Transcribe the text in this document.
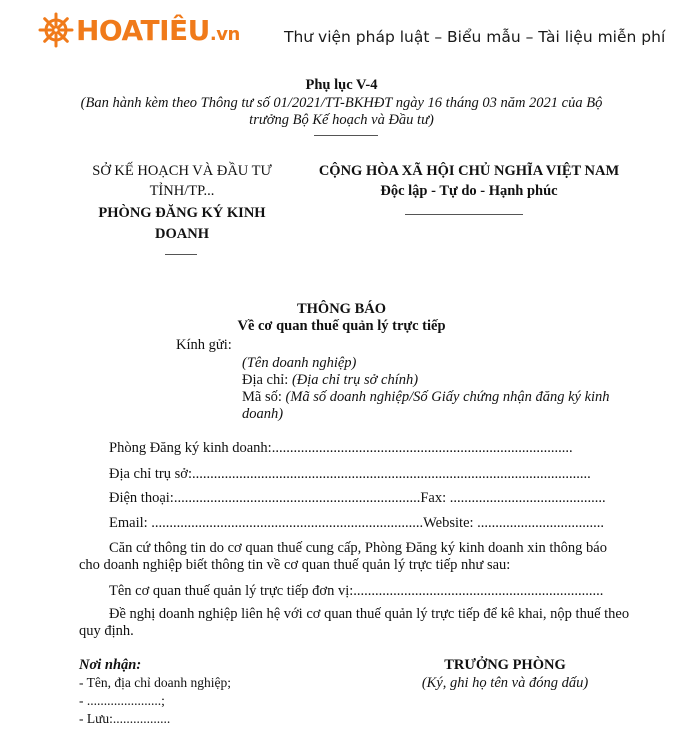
HOATIÊU.vn	Thư viện pháp luật – Biểu mẫu – Tài liệu miễn phí
Phụ lục V-4
(Ban hành kèm theo Thông tư số 01/2021/TT-BKHĐT ngày 16 tháng 03 năm 2021 của Bộ
trưởng Bộ Kế hoạch và Đầu tư)
SỞ KẾ HOẠCH VÀ ĐẦU TƯ
TỈNH/TP...
PHÒNG ĐĂNG KÝ KINH
DOANH
CỘNG HÒA XÃ HỘI CHỦ NGHĨA VIỆT NAM
Độc lập - Tự do - Hạnh phúc
THÔNG BÁO
Về cơ quan thuế quản lý trực tiếp
Kính gửi:
(Tên doanh nghiệp)
Địa chỉ: (Địa chỉ trụ sở chính)
Mã số: (Mã số doanh nghiệp/Số Giấy chứng nhận đăng ký kinh
doanh)
Phòng Đăng ký kinh doanh:...................................................................................
Địa chỉ trụ sở:..............................................................................................................
Điện thoại:....................................................................Fax: ...........................................
Email: ...........................................................................Website: ...................................
Căn cứ thông tin do cơ quan thuế cung cấp, Phòng Đăng ký kinh doanh xin thông báo
cho doanh nghiệp biết thông tin về cơ quan thuế quản lý trực tiếp như sau:
Tên cơ quan thuế quản lý trực tiếp đơn vị:.....................................................................
Đề nghị doanh nghiệp liên hệ với cơ quan thuế quản lý trực tiếp để kê khai, nộp thuế theo
quy định.
Nơi nhận:
- Tên, địa chỉ doanh nghiệp;
- ......................;
- Lưu:.................
TRƯỞNG PHÒNG
(Ký, ghi họ tên và đóng dấu)
